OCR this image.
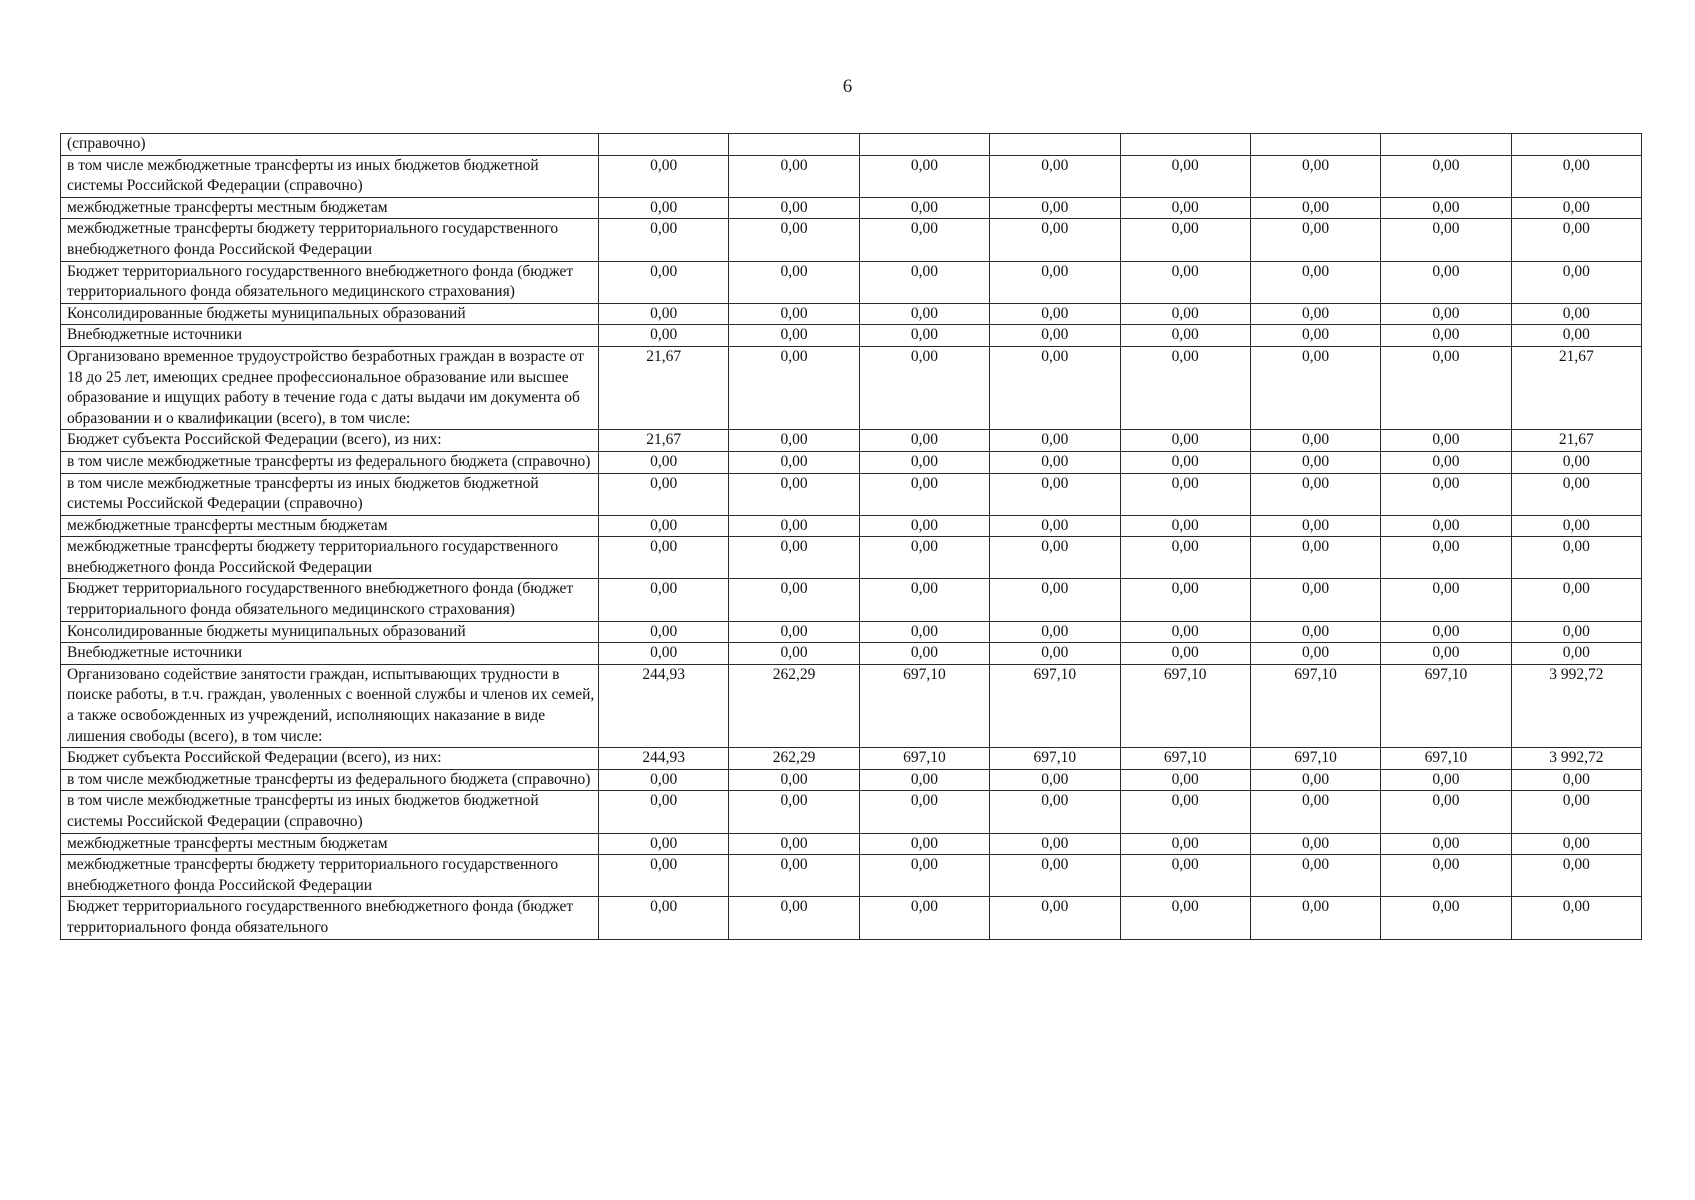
6
(справочно)								
в том числе межбюджетные трансферты из иных бюджетов бюджетной системы Российской Федерации (справочно)	0,00	0,00	0,00	0,00	0,00	0,00	0,00	0,00
межбюджетные трансферты местным бюджетам	0,00	0,00	0,00	0,00	0,00	0,00	0,00	0,00
межбюджетные трансферты бюджету территориального государственного внебюджетного фонда Российской Федерации	0,00	0,00	0,00	0,00	0,00	0,00	0,00	0,00
Бюджет территориального государственного внебюджетного фонда (бюджет территориального фонда обязательного медицинского страхования)	0,00	0,00	0,00	0,00	0,00	0,00	0,00	0,00
Консолидированные бюджеты муниципальных образований	0,00	0,00	0,00	0,00	0,00	0,00	0,00	0,00
Внебюджетные источники	0,00	0,00	0,00	0,00	0,00	0,00	0,00	0,00
Организовано временное трудоустройство безработных граждан в возрасте от 18 до 25 лет, имеющих среднее профессиональное образование или высшее образование и ищущих работу в течение года с даты выдачи им документа об образовании и о квалификации (всего), в том числе:	21,67	0,00	0,00	0,00	0,00	0,00	0,00	21,67
Бюджет субъекта Российской Федерации (всего), из них:	21,67	0,00	0,00	0,00	0,00	0,00	0,00	21,67
в том числе межбюджетные трансферты из федерального бюджета (справочно)	0,00	0,00	0,00	0,00	0,00	0,00	0,00	0,00
в том числе межбюджетные трансферты из иных бюджетов бюджетной системы Российской Федерации (справочно)	0,00	0,00	0,00	0,00	0,00	0,00	0,00	0,00
межбюджетные трансферты местным бюджетам	0,00	0,00	0,00	0,00	0,00	0,00	0,00	0,00
межбюджетные трансферты бюджету территориального государственного внебюджетного фонда Российской Федерации	0,00	0,00	0,00	0,00	0,00	0,00	0,00	0,00
Бюджет территориального государственного внебюджетного фонда (бюджет территориального фонда обязательного медицинского страхования)	0,00	0,00	0,00	0,00	0,00	0,00	0,00	0,00
Консолидированные бюджеты муниципальных образований	0,00	0,00	0,00	0,00	0,00	0,00	0,00	0,00
Внебюджетные источники	0,00	0,00	0,00	0,00	0,00	0,00	0,00	0,00
Организовано содействие занятости граждан, испытывающих трудности в поиске работы, в т.ч. граждан, уволенных с военной службы и членов их семей, а также освобожденных из учреждений, исполняющих наказание в виде лишения свободы (всего), в том числе:	244,93	262,29	697,10	697,10	697,10	697,10	697,10	3 992,72
Бюджет субъекта Российской Федерации (всего), из них:	244,93	262,29	697,10	697,10	697,10	697,10	697,10	3 992,72
в том числе межбюджетные трансферты из федерального бюджета (справочно)	0,00	0,00	0,00	0,00	0,00	0,00	0,00	0,00
в том числе межбюджетные трансферты из иных бюджетов бюджетной системы Российской Федерации (справочно)	0,00	0,00	0,00	0,00	0,00	0,00	0,00	0,00
межбюджетные трансферты местным бюджетам	0,00	0,00	0,00	0,00	0,00	0,00	0,00	0,00
межбюджетные трансферты бюджету территориального государственного внебюджетного фонда Российской Федерации	0,00	0,00	0,00	0,00	0,00	0,00	0,00	0,00
Бюджет территориального государственного внебюджетного фонда (бюджет территориального фонда обязательного	0,00	0,00	0,00	0,00	0,00	0,00	0,00	0,00
